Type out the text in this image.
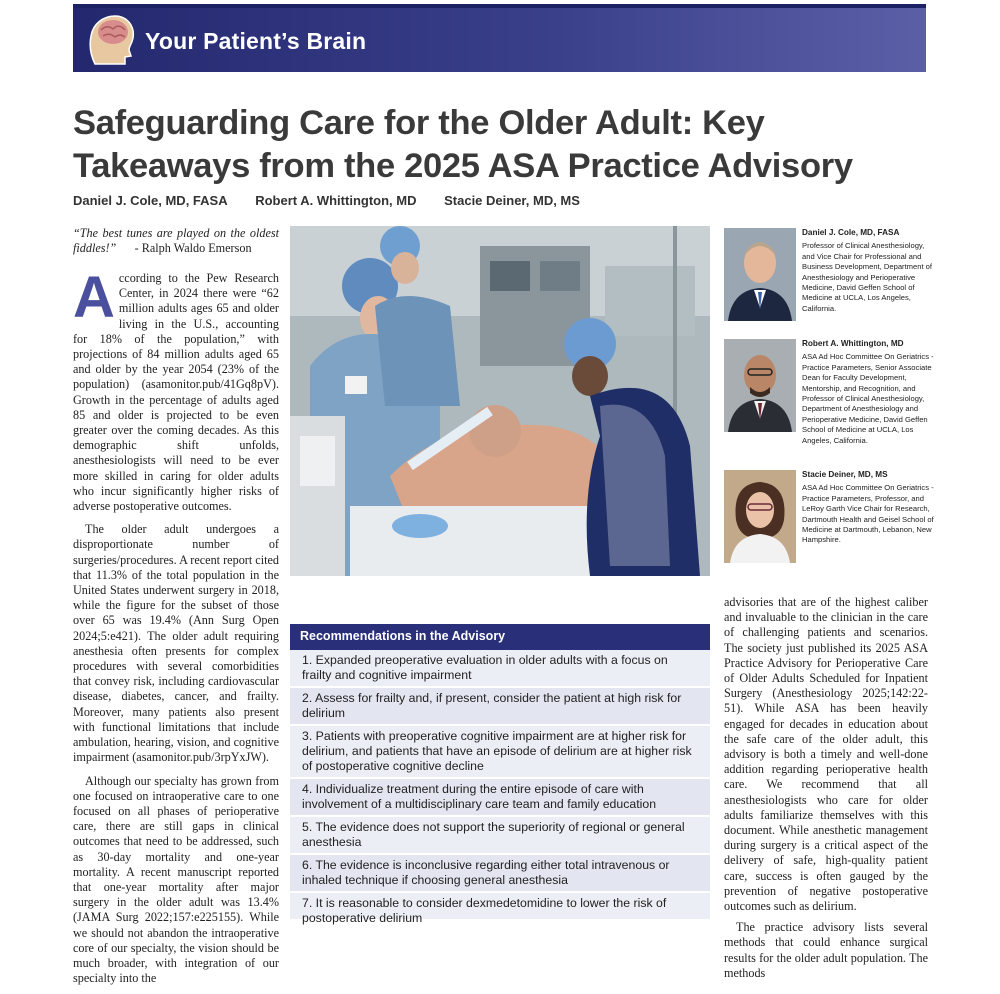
Your Patient’s Brain
Safeguarding Care for the Older Adult: Key Takeaways from the 2025 ASA Practice Advisory
Daniel J. Cole, MD, FASA Robert A. Whittington, MD Stacie Deiner, MD, MS
“The best tunes are played on the oldest fiddles!” - Ralph Waldo Emerson

According to the Pew Research Center, in 2024 there were “62 million adults ages 65 and older living in the U.S., accounting for 18% of the population,” with projections of 84 million adults aged 65 and older by the year 2054 (23% of the population) (asamonitor.pub/41Gq8pV). Growth in the percentage of adults aged 85 and older is projected to be even greater over the coming decades. As this demographic shift unfolds, anesthesiologists will need to be ever more skilled in caring for older adults who incur significantly higher risks of adverse postoperative outcomes.

The older adult undergoes a disproportionate number of surgeries/procedures. A recent report cited that 11.3% of the total population in the United States underwent surgery in 2018, while the figure for the subset of those over 65 was 19.4% (Ann Surg Open 2024;5:e421). The older adult requiring anesthesia often presents for complex procedures with several comorbidities that convey risk, including cardiovascular disease, diabetes, cancer, and frailty. Moreover, many patients also present with functional limitations that include ambulation, hearing, vision, and cognitive impairment (asamonitor.pub/3rpYxJW).

Although our specialty has grown from one focused on intraoperative care to one focused on all phases of perioperative care, there are still gaps in clinical outcomes that need to be addressed, such as 30-day mortality and one-year mortality. A recent manuscript reported that one-year mortality after major surgery in the older adult was 13.4% (JAMA Surg 2022;157:e225155). While we should not abandon the intraoperative core of our specialty, the vision should be much broader, with integration of our specialty into the

Daniel J. Cole, MD, FASA
Professor of Clinical Anesthesiology, and Vice Chair for Professional and Business Development, Department of Anesthesiology and Perioperative Medicine, David Geffen School of Medicine at UCLA, Los Angeles, California.
Robert A. Whittington, MD
ASA Ad Hoc Committee On Geriatrics - Practice Parameters, Senior Associate Dean for Faculty Development, Mentorship, and Recognition, and Professor of Clinical Anesthesiology, Department of Anesthesiology and Perioperative Medicine, David Geffen School of Medicine at UCLA, Los Angeles, California.
Stacie Deiner, MD, MS
ASA Ad Hoc Committee On Geriatrics - Practice Parameters, Professor, and LeRoy Garth Vice Chair for Research, Dartmouth Health and Geisel School of Medicine at Dartmouth, Lebanon, New Hampshire.
Recommendations in the Advisory
1. Expanded preoperative evaluation in older adults with a focus on frailty and cognitive impairment
2. Assess for frailty and, if present, consider the patient at high risk for delirium
3. Patients with preoperative cognitive impairment are at higher risk for delirium, and patients that have an episode of delirium are at higher risk of postoperative cognitive decline
4. Individualize treatment during the entire episode of care with involvement of a multidisciplinary care team and family education
5. The evidence does not support the superiority of regional or general anesthesia
6. The evidence is inconclusive regarding either total intravenous or inhaled technique if choosing general anesthesia
7. It is reasonable to consider dexmedetomidine to lower the risk of postoperative delirium

advisories that are of the highest caliber and invaluable to the clinician in the care of challenging patients and scenarios. The society just published its 2025 ASA Practice Advisory for Perioperative Care of Older Adults Scheduled for Inpatient Surgery (Anesthesiology 2025;142:22-51). While ASA has been heavily engaged for decades in education about the safe care of the older adult, this advisory is both a timely and well-done addition regarding perioperative health care. We recommend that all anesthesiologists who care for older adults familiarize themselves with this document. While anesthetic management during surgery is a critical aspect of the delivery of safe, high-quality patient care, success is often gauged by the prevention of negative postoperative outcomes such as delirium.

The practice advisory lists several methods that could enhance surgical results for the older adult population. The methods
